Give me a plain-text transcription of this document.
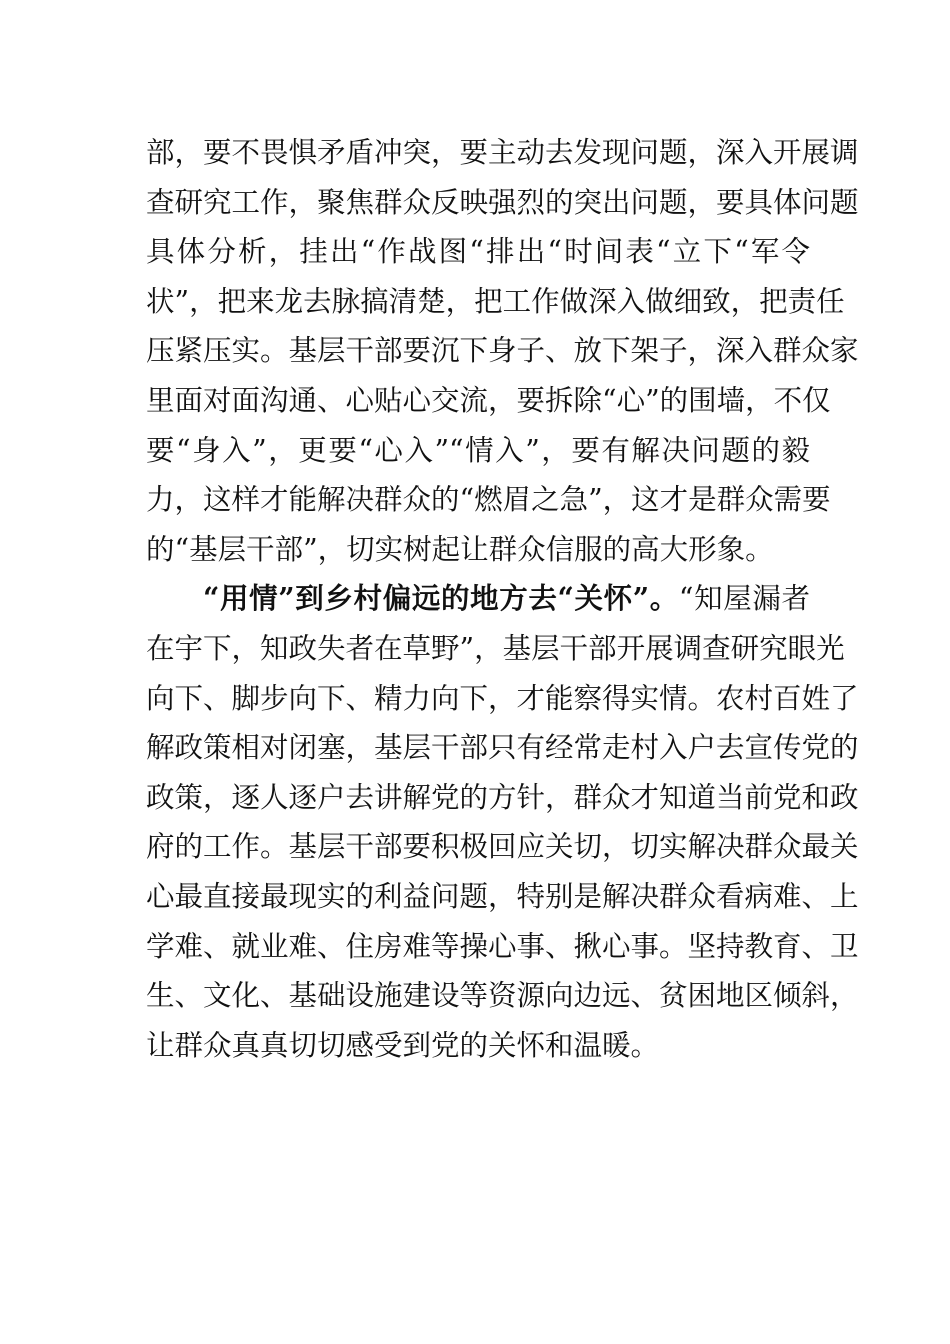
部，要不畏惧矛盾冲突，要主动去发现问题，深入开展调
查研究工作，聚焦群众反映强烈的突出问题，要具体问题
具体分析，挂出“作战图“排出“时间表“立下“军令
状”，把来龙去脉搞清楚，把工作做深入做细致，把责任
压紧压实。基层干部要沉下身子、放下架子，深入群众家
里面对面沟通、心贴心交流，要拆除“心”的围墙，不仅
要“身入”，更要“心入”“情入”，要有解决问题的毅
力，这样才能解决群众的“燃眉之急”，这才是群众需要
的“基层干部”，切实树起让群众信服的高大形象。
“用情”到乡村偏远的地方去“关怀”。“知屋漏者
在宇下，知政失者在草野”，基层干部开展调查研究眼光
向下、脚步向下、精力向下，才能察得实情。农村百姓了
解政策相对闭塞，基层干部只有经常走村入户去宣传党的
政策，逐人逐户去讲解党的方针，群众才知道当前党和政
府的工作。基层干部要积极回应关切，切实解决群众最关
心最直接最现实的利益问题，特别是解决群众看病难、上
学难、就业难、住房难等操心事、揪心事。坚持教育、卫
生、文化、基础设施建设等资源向边远、贫困地区倾斜，
让群众真真切切感受到党的关怀和温暖。
